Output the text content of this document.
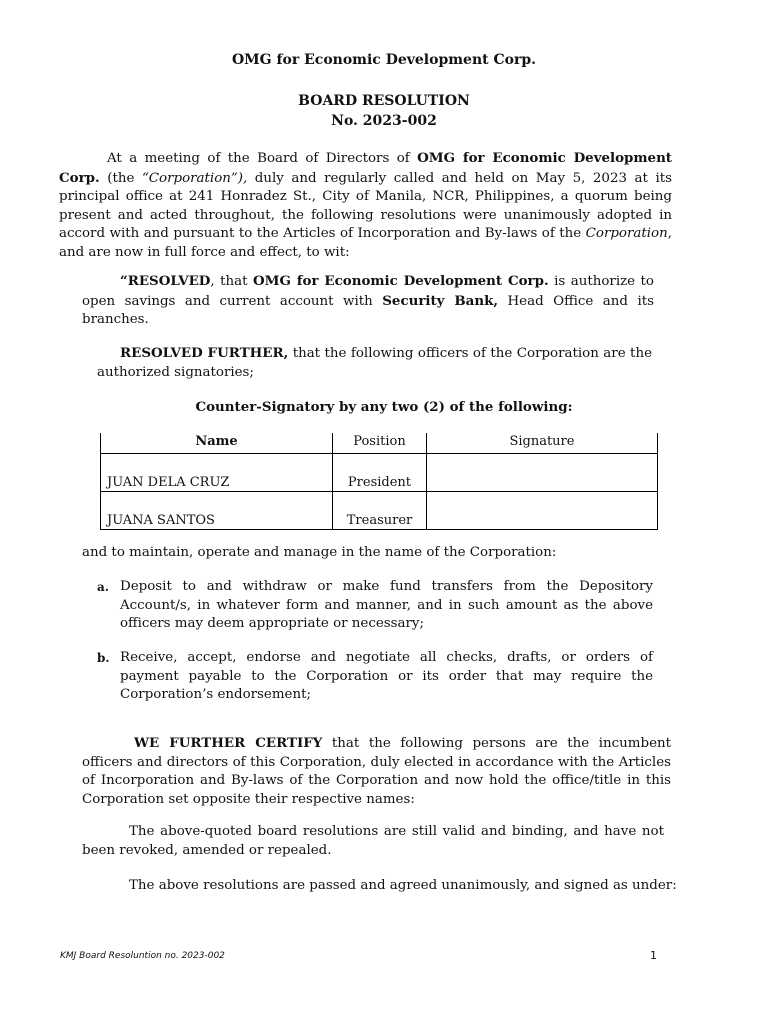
OMG for Economic Development Corp.
BOARD RESOLUTION
No. 2023-002
At a meeting of the Board of Directors of OMG for Economic Development Corp. (the “Corporation”), duly and regularly called and held on May 5, 2023 at its principal office at 241 Honradez St., City of Manila, NCR, Philippines, a quorum being present and acted throughout, the following resolutions were unanimously adopted in accord with and pursuant to the Articles of Incorporation and By-laws of the Corporation, and are now in full force and effect, to wit:
“RESOLVED, that OMG for Economic Development Corp. is authorize to open savings and current account with Security Bank, Head Office and its branches.
RESOLVED FURTHER, that the following officers of the Corporation are the authorized signatories;
Counter-Signatory by any two (2) of the following:
Name	Position	Signature
JUAN DELA CRUZ	President	
JUANA SANTOS	Treasurer	
and to maintain, operate and manage in the name of the Corporation:
a. Deposit to and withdraw or make fund transfers from the Depository Account/s, in whatever form and manner, and in such amount as the above officers may deem appropriate or necessary;
b. Receive, accept, endorse and negotiate all checks, drafts, or orders of payment payable to the Corporation or its order that may require the Corporation’s endorsement;
WE FURTHER CERTIFY that the following persons are the incumbent officers and directors of this Corporation, duly elected in accordance with the Articles of Incorporation and By-laws of the Corporation and now hold the office/title in this Corporation set opposite their respective names:
The above-quoted board resolutions are still valid and binding, and have not been revoked, amended or repealed.
The above resolutions are passed and agreed unanimously, and signed as under:
KMJ Board Resoluntion no. 2023-002	1
